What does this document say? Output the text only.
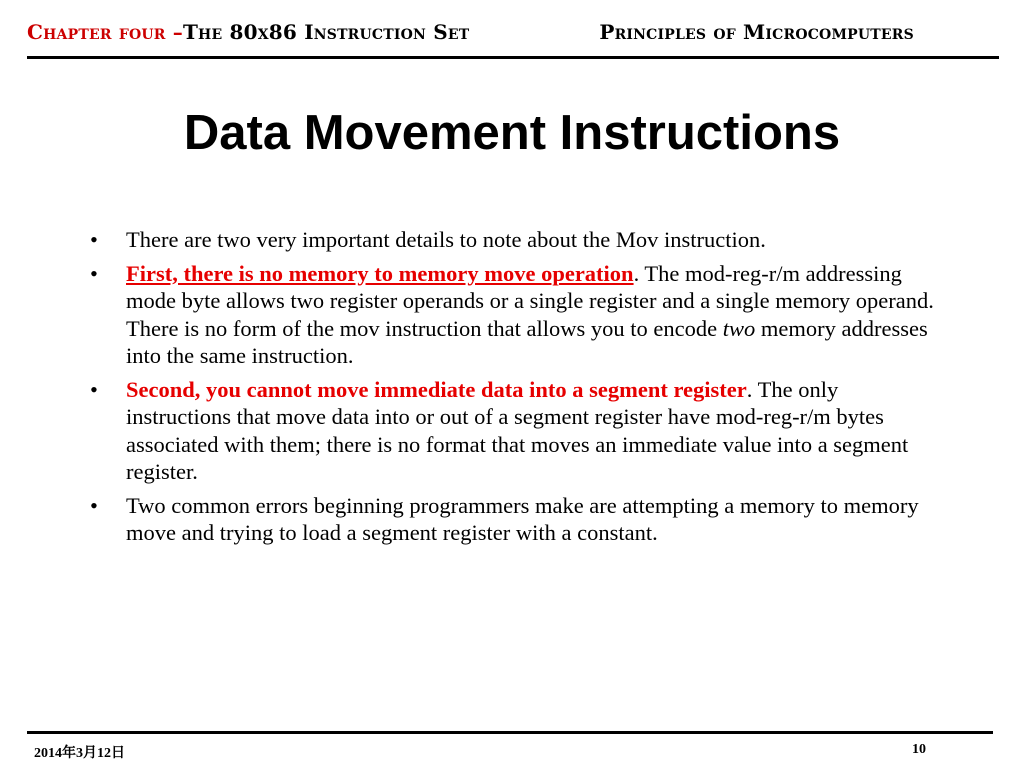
Chapter four –The 80x86 Instruction Set	Principles of Microcomputers
Data Movement Instructions
• There are two very important details to note about the Mov instruction.
• First, there is no memory to memory move operation. The mod-reg-r/m addressing mode byte allows two register operands or a single register and a single memory operand. There is no form of the mov instruction that allows you to encode two memory addresses into the same instruction.
• Second, you cannot move immediate data into a segment register. The only instructions that move data into or out of a segment register have mod-reg-r/m bytes associated with them; there is no format that moves an immediate value into a segment register.
• Two common errors beginning programmers make are attempting a memory to memory move and trying to load a segment register with a constant.
2014年3月12日	10
